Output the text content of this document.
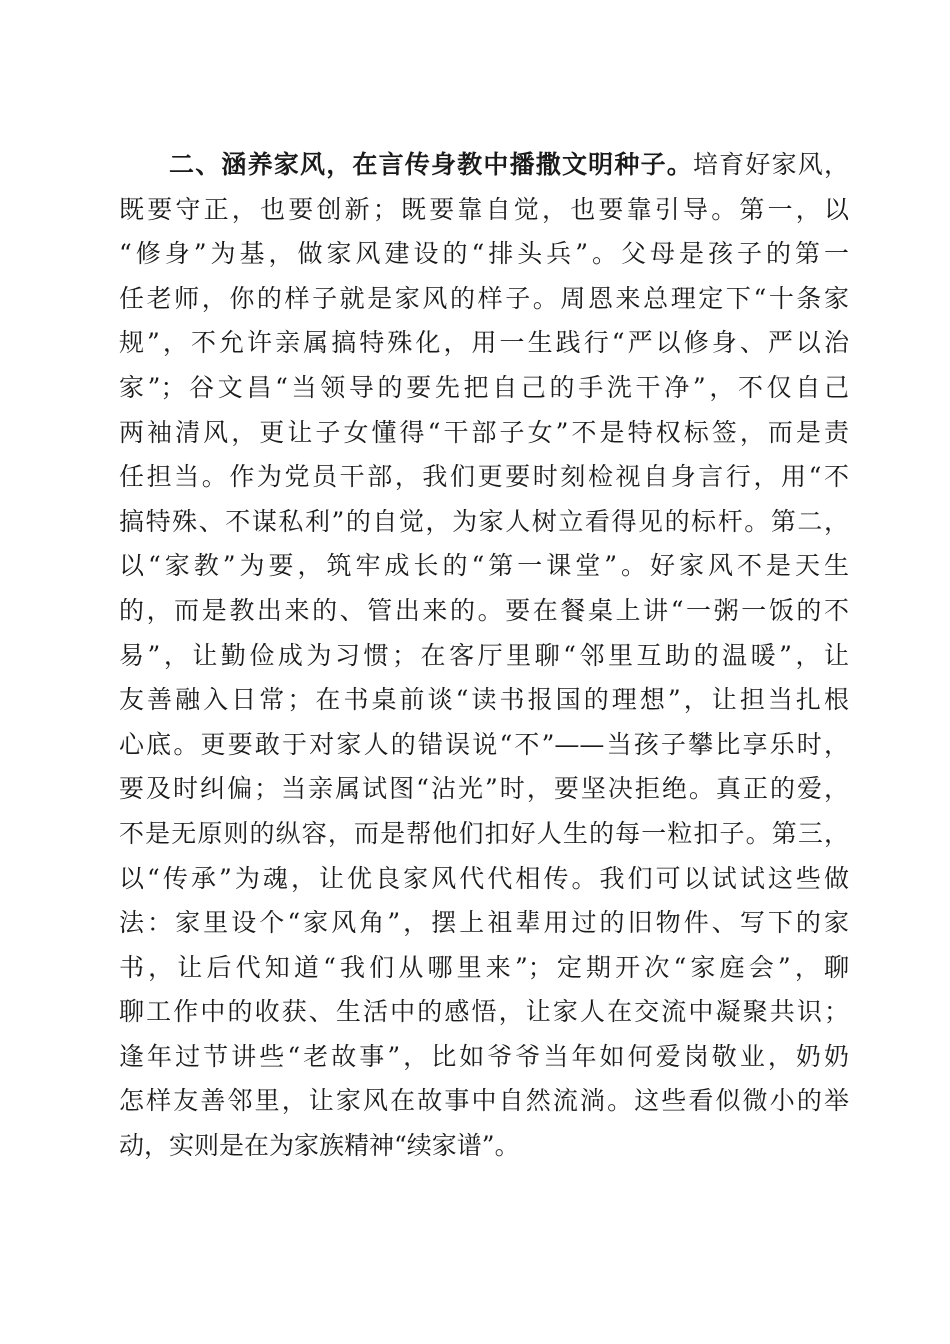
二、涵养家风，在言传身教中播撒文明种子。培育好家风，
既要守正，也要创新；既要靠自觉，也要靠引导。第一，以
“修身”为基，做家风建设的“排头兵”。父母是孩子的第一
任老师，你的样子就是家风的样子。周恩来总理定下“十条家
规”，不允许亲属搞特殊化，用一生践行“严以修身、严以治
家”；谷文昌“当领导的要先把自己的手洗干净”，不仅自己
两袖清风，更让子女懂得“干部子女”不是特权标签，而是责
任担当。作为党员干部，我们更要时刻检视自身言行，用“不
搞特殊、不谋私利”的自觉，为家人树立看得见的标杆。第二，
以“家教”为要，筑牢成长的“第一课堂”。好家风不是天生
的，而是教出来的、管出来的。要在餐桌上讲“一粥一饭的不
易”，让勤俭成为习惯；在客厅里聊“邻里互助的温暖”，让
友善融入日常；在书桌前谈“读书报国的理想”，让担当扎根
心底。更要敢于对家人的错误说“不”——当孩子攀比享乐时，
要及时纠偏；当亲属试图“沾光”时，要坚决拒绝。真正的爱，
不是无原则的纵容，而是帮他们扣好人生的每一粒扣子。第三，
以“传承”为魂，让优良家风代代相传。我们可以试试这些做
法：家里设个“家风角”，摆上祖辈用过的旧物件、写下的家
书，让后代知道“我们从哪里来”；定期开次“家庭会”，聊
聊工作中的收获、生活中的感悟，让家人在交流中凝聚共识；
逢年过节讲些“老故事”，比如爷爷当年如何爱岗敬业，奶奶
怎样友善邻里，让家风在故事中自然流淌。这些看似微小的举
动，实则是在为家族精神“续家谱”。
